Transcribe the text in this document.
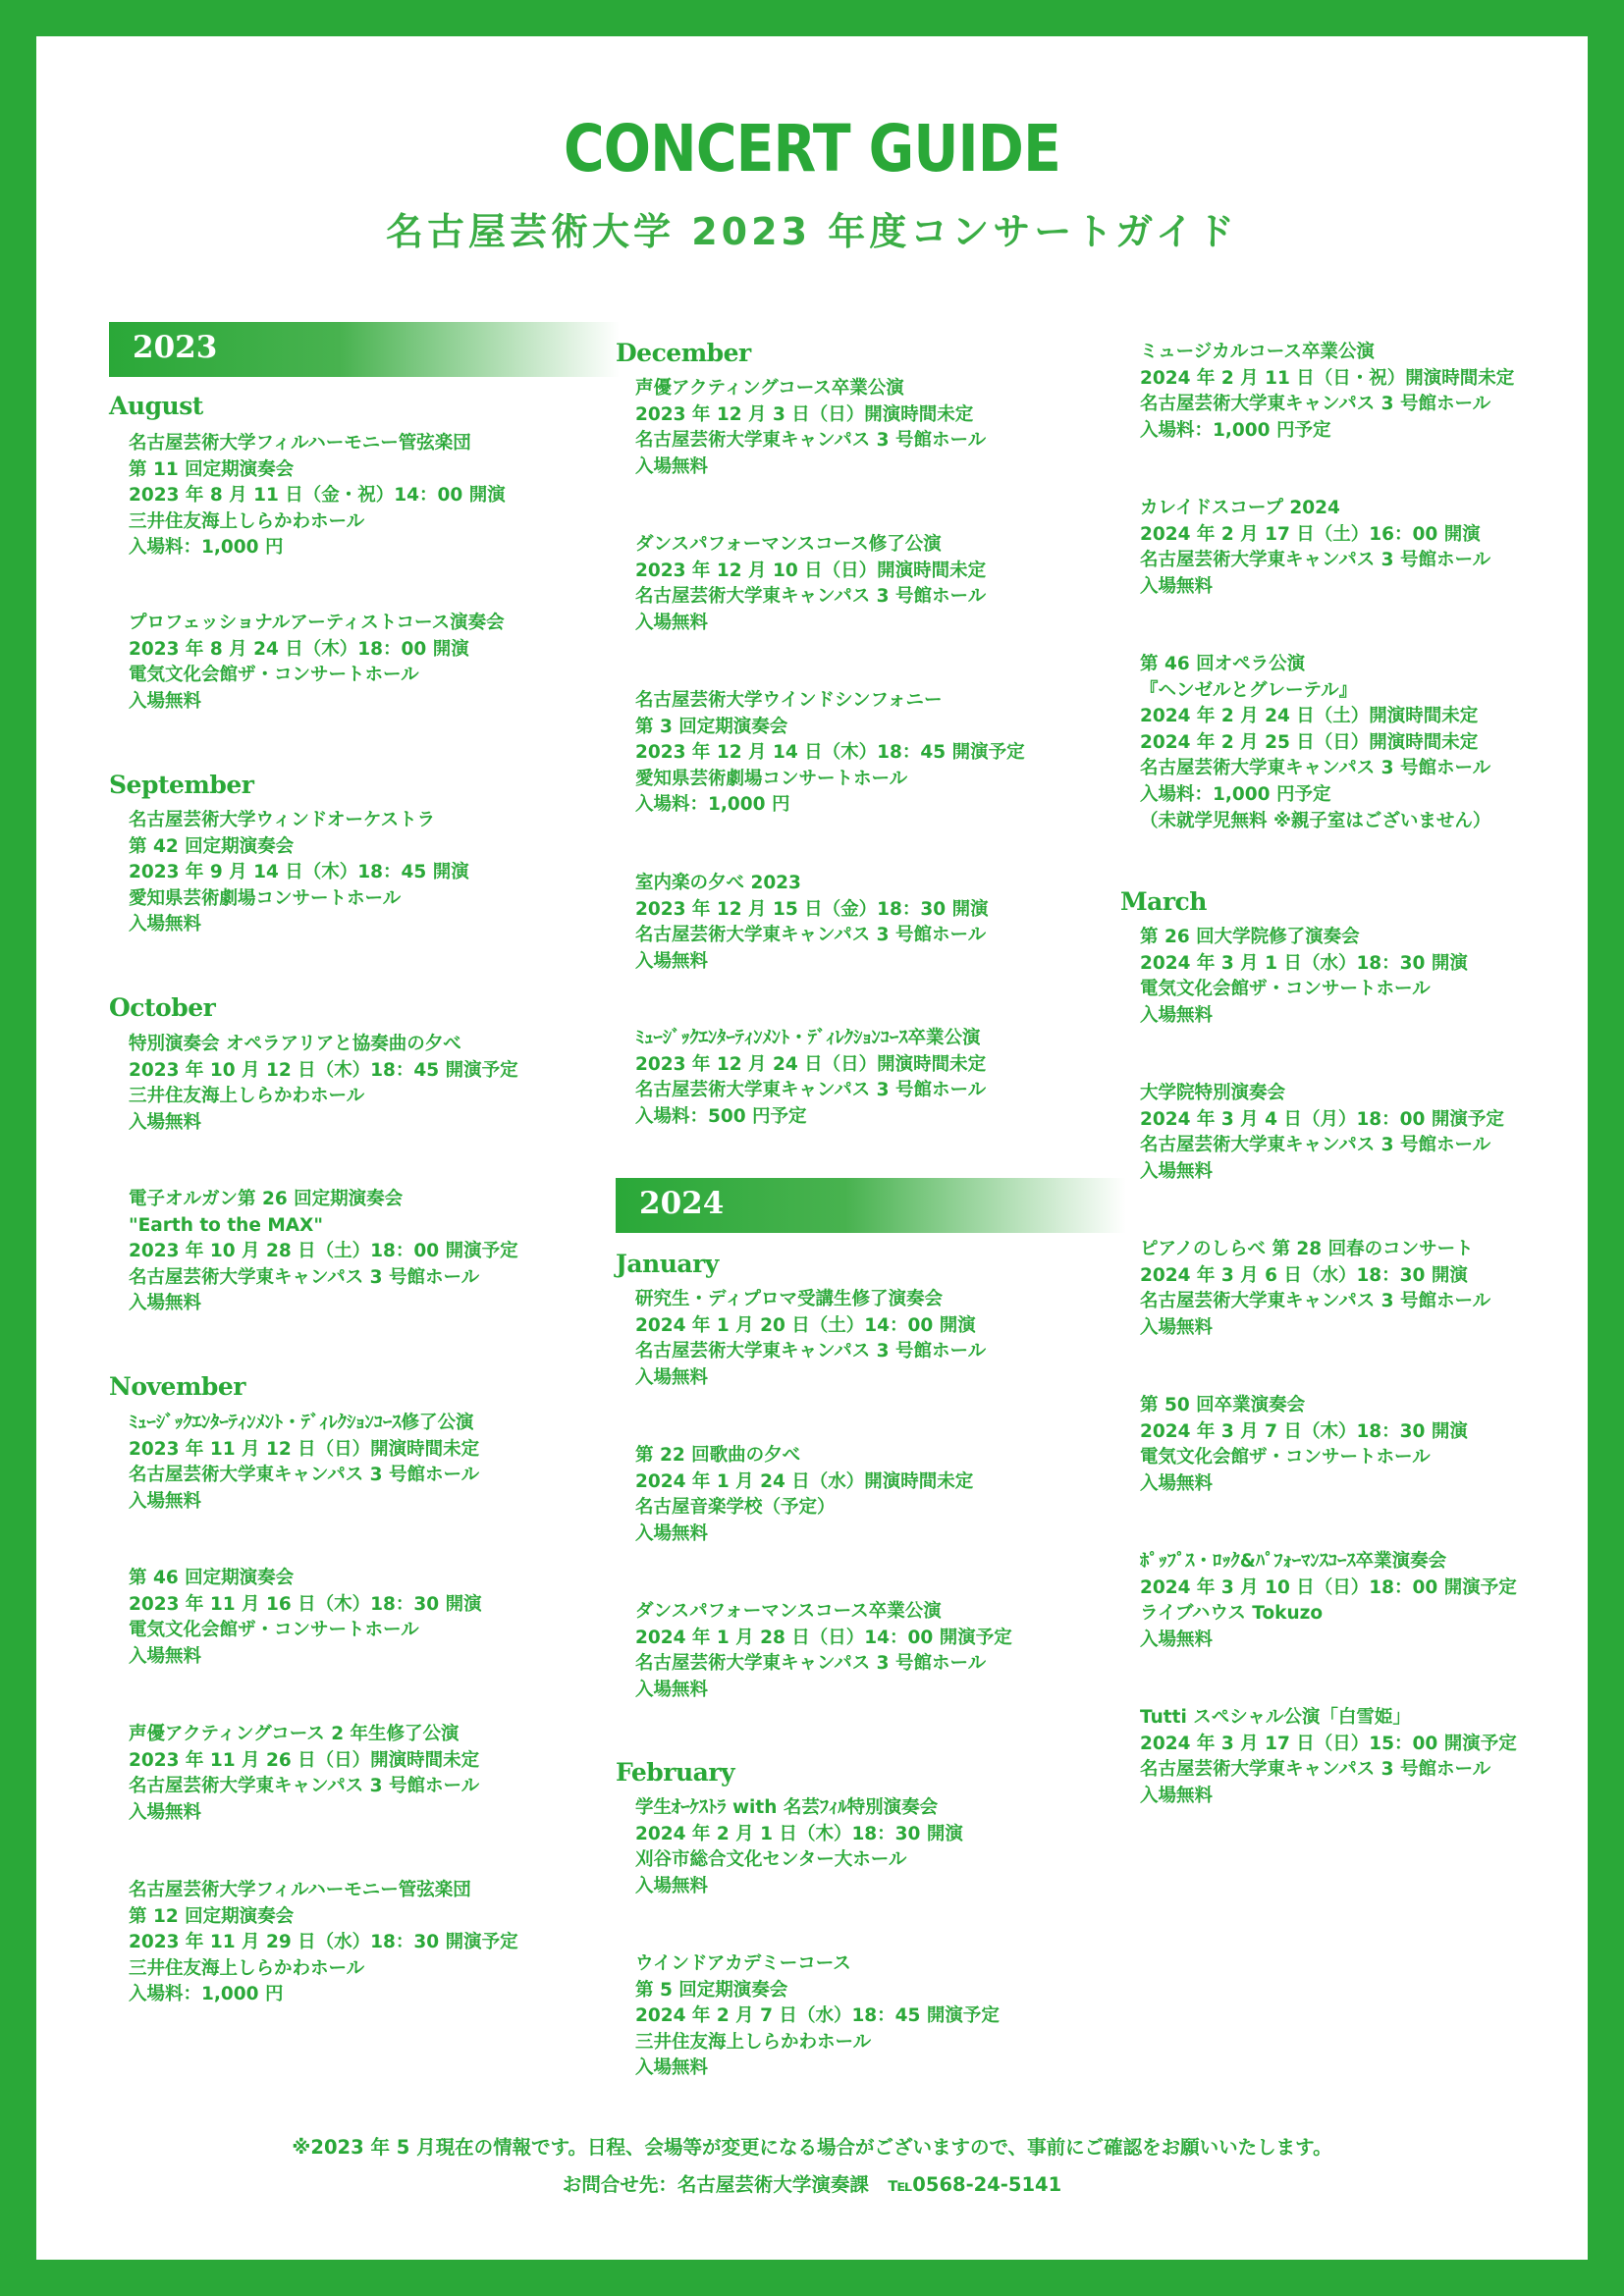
CONCERT GUIDE
名古屋芸術大学 2023 年度コンサートガイド
2023
August
名古屋芸術大学フィルハーモニー管弦楽団
第 11 回定期演奏会
2023 年 8 月 11 日（金・祝）14：00 開演
三井住友海上しらかわホール
入場料：1,000 円
プロフェッショナルアーティストコース演奏会
2023 年 8 月 24 日（木）18：00 開演
電気文化会館ザ・コンサートホール
入場無料
September
名古屋芸術大学ウィンドオーケストラ
第 42 回定期演奏会
2023 年 9 月 14 日（木）18：45 開演
愛知県芸術劇場コンサートホール
入場無料
October
特別演奏会 オペラアリアと協奏曲の夕べ
2023 年 10 月 12 日（木）18：45 開演予定
三井住友海上しらかわホール
入場無料
電子オルガン第 26 回定期演奏会
"Earth to the MAX"
2023 年 10 月 28 日（土）18：00 開演予定
名古屋芸術大学東キャンパス 3 号館ホール
入場無料
November
ﾐｭｰｼﾞｯｸｴﾝﾀｰﾃｨﾝﾒﾝﾄ・ﾃﾞｨﾚｸｼｮﾝｺｰｽ修了公演
2023 年 11 月 12 日（日）開演時間未定
名古屋芸術大学東キャンパス 3 号館ホール
入場無料
第 46 回定期演奏会
2023 年 11 月 16 日（木）18：30 開演
電気文化会館ザ・コンサートホール
入場無料
声優アクティングコース 2 年生修了公演
2023 年 11 月 26 日（日）開演時間未定
名古屋芸術大学東キャンパス 3 号館ホール
入場無料
名古屋芸術大学フィルハーモニー管弦楽団
第 12 回定期演奏会
2023 年 11 月 29 日（水）18：30 開演予定
三井住友海上しらかわホール
入場料：1,000 円
December
声優アクティングコース卒業公演
2023 年 12 月 3 日（日）開演時間未定
名古屋芸術大学東キャンパス 3 号館ホール
入場無料
ダンスパフォーマンスコース修了公演
2023 年 12 月 10 日（日）開演時間未定
名古屋芸術大学東キャンパス 3 号館ホール
入場無料
名古屋芸術大学ウインドシンフォニー
第 3 回定期演奏会
2023 年 12 月 14 日（木）18：45 開演予定
愛知県芸術劇場コンサートホール
入場料：1,000 円
室内楽の夕べ 2023
2023 年 12 月 15 日（金）18：30 開演
名古屋芸術大学東キャンパス 3 号館ホール
入場無料
ﾐｭｰｼﾞｯｸｴﾝﾀｰﾃｨﾝﾒﾝﾄ・ﾃﾞｨﾚｸｼｮﾝｺｰｽ卒業公演
2023 年 12 月 24 日（日）開演時間未定
名古屋芸術大学東キャンパス 3 号館ホール
入場料：500 円予定
2024
January
研究生・ディプロマ受講生修了演奏会
2024 年 1 月 20 日（土）14：00 開演
名古屋芸術大学東キャンパス 3 号館ホール
入場無料
第 22 回歌曲の夕べ
2024 年 1 月 24 日（水）開演時間未定
名古屋音楽学校（予定）
入場無料
ダンスパフォーマンスコース卒業公演
2024 年 1 月 28 日（日）14：00 開演予定
名古屋芸術大学東キャンパス 3 号館ホール
入場無料
February
学生ｵｰｹｽﾄﾗ with 名芸ﾌｨﾙ特別演奏会
2024 年 2 月 1 日（木）18：30 開演
刈谷市総合文化センター大ホール
入場無料
ウインドアカデミーコース
第 5 回定期演奏会
2024 年 2 月 7 日（水）18：45 開演予定
三井住友海上しらかわホール
入場無料
ミュージカルコース卒業公演
2024 年 2 月 11 日（日・祝）開演時間未定
名古屋芸術大学東キャンパス 3 号館ホール
入場料：1,000 円予定
カレイドスコープ 2024
2024 年 2 月 17 日（土）16：00 開演
名古屋芸術大学東キャンパス 3 号館ホール
入場無料
第 46 回オペラ公演
『ヘンゼルとグレーテル』
2024 年 2 月 24 日（土）開演時間未定
2024 年 2 月 25 日（日）開演時間未定
名古屋芸術大学東キャンパス 3 号館ホール
入場料：1,000 円予定
（未就学児無料 ※親子室はございません）
March
第 26 回大学院修了演奏会
2024 年 3 月 1 日（水）18：30 開演
電気文化会館ザ・コンサートホール
入場無料
大学院特別演奏会
2024 年 3 月 4 日（月）18：00 開演予定
名古屋芸術大学東キャンパス 3 号館ホール
入場無料
ピアノのしらべ 第 28 回春のコンサート
2024 年 3 月 6 日（水）18：30 開演
名古屋芸術大学東キャンパス 3 号館ホール
入場無料
第 50 回卒業演奏会
2024 年 3 月 7 日（木）18：30 開演
電気文化会館ザ・コンサートホール
入場無料
ﾎﾟｯﾌﾟｽ・ﾛｯｸ&ﾊﾟﾌｫｰﾏﾝｽｺｰｽ卒業演奏会
2024 年 3 月 10 日（日）18：00 開演予定
ライブハウス Tokuzo
入場無料
Tutti スペシャル公演「白雪姫」
2024 年 3 月 17 日（日）15：00 開演予定
名古屋芸術大学東キャンパス 3 号館ホール
入場無料
※2023 年 5 月現在の情報です。日程、会場等が変更になる場合がございますので、事前にご確認をお願いいたします。
お問合せ先：名古屋芸術大学演奏課　℡0568-24-5141
